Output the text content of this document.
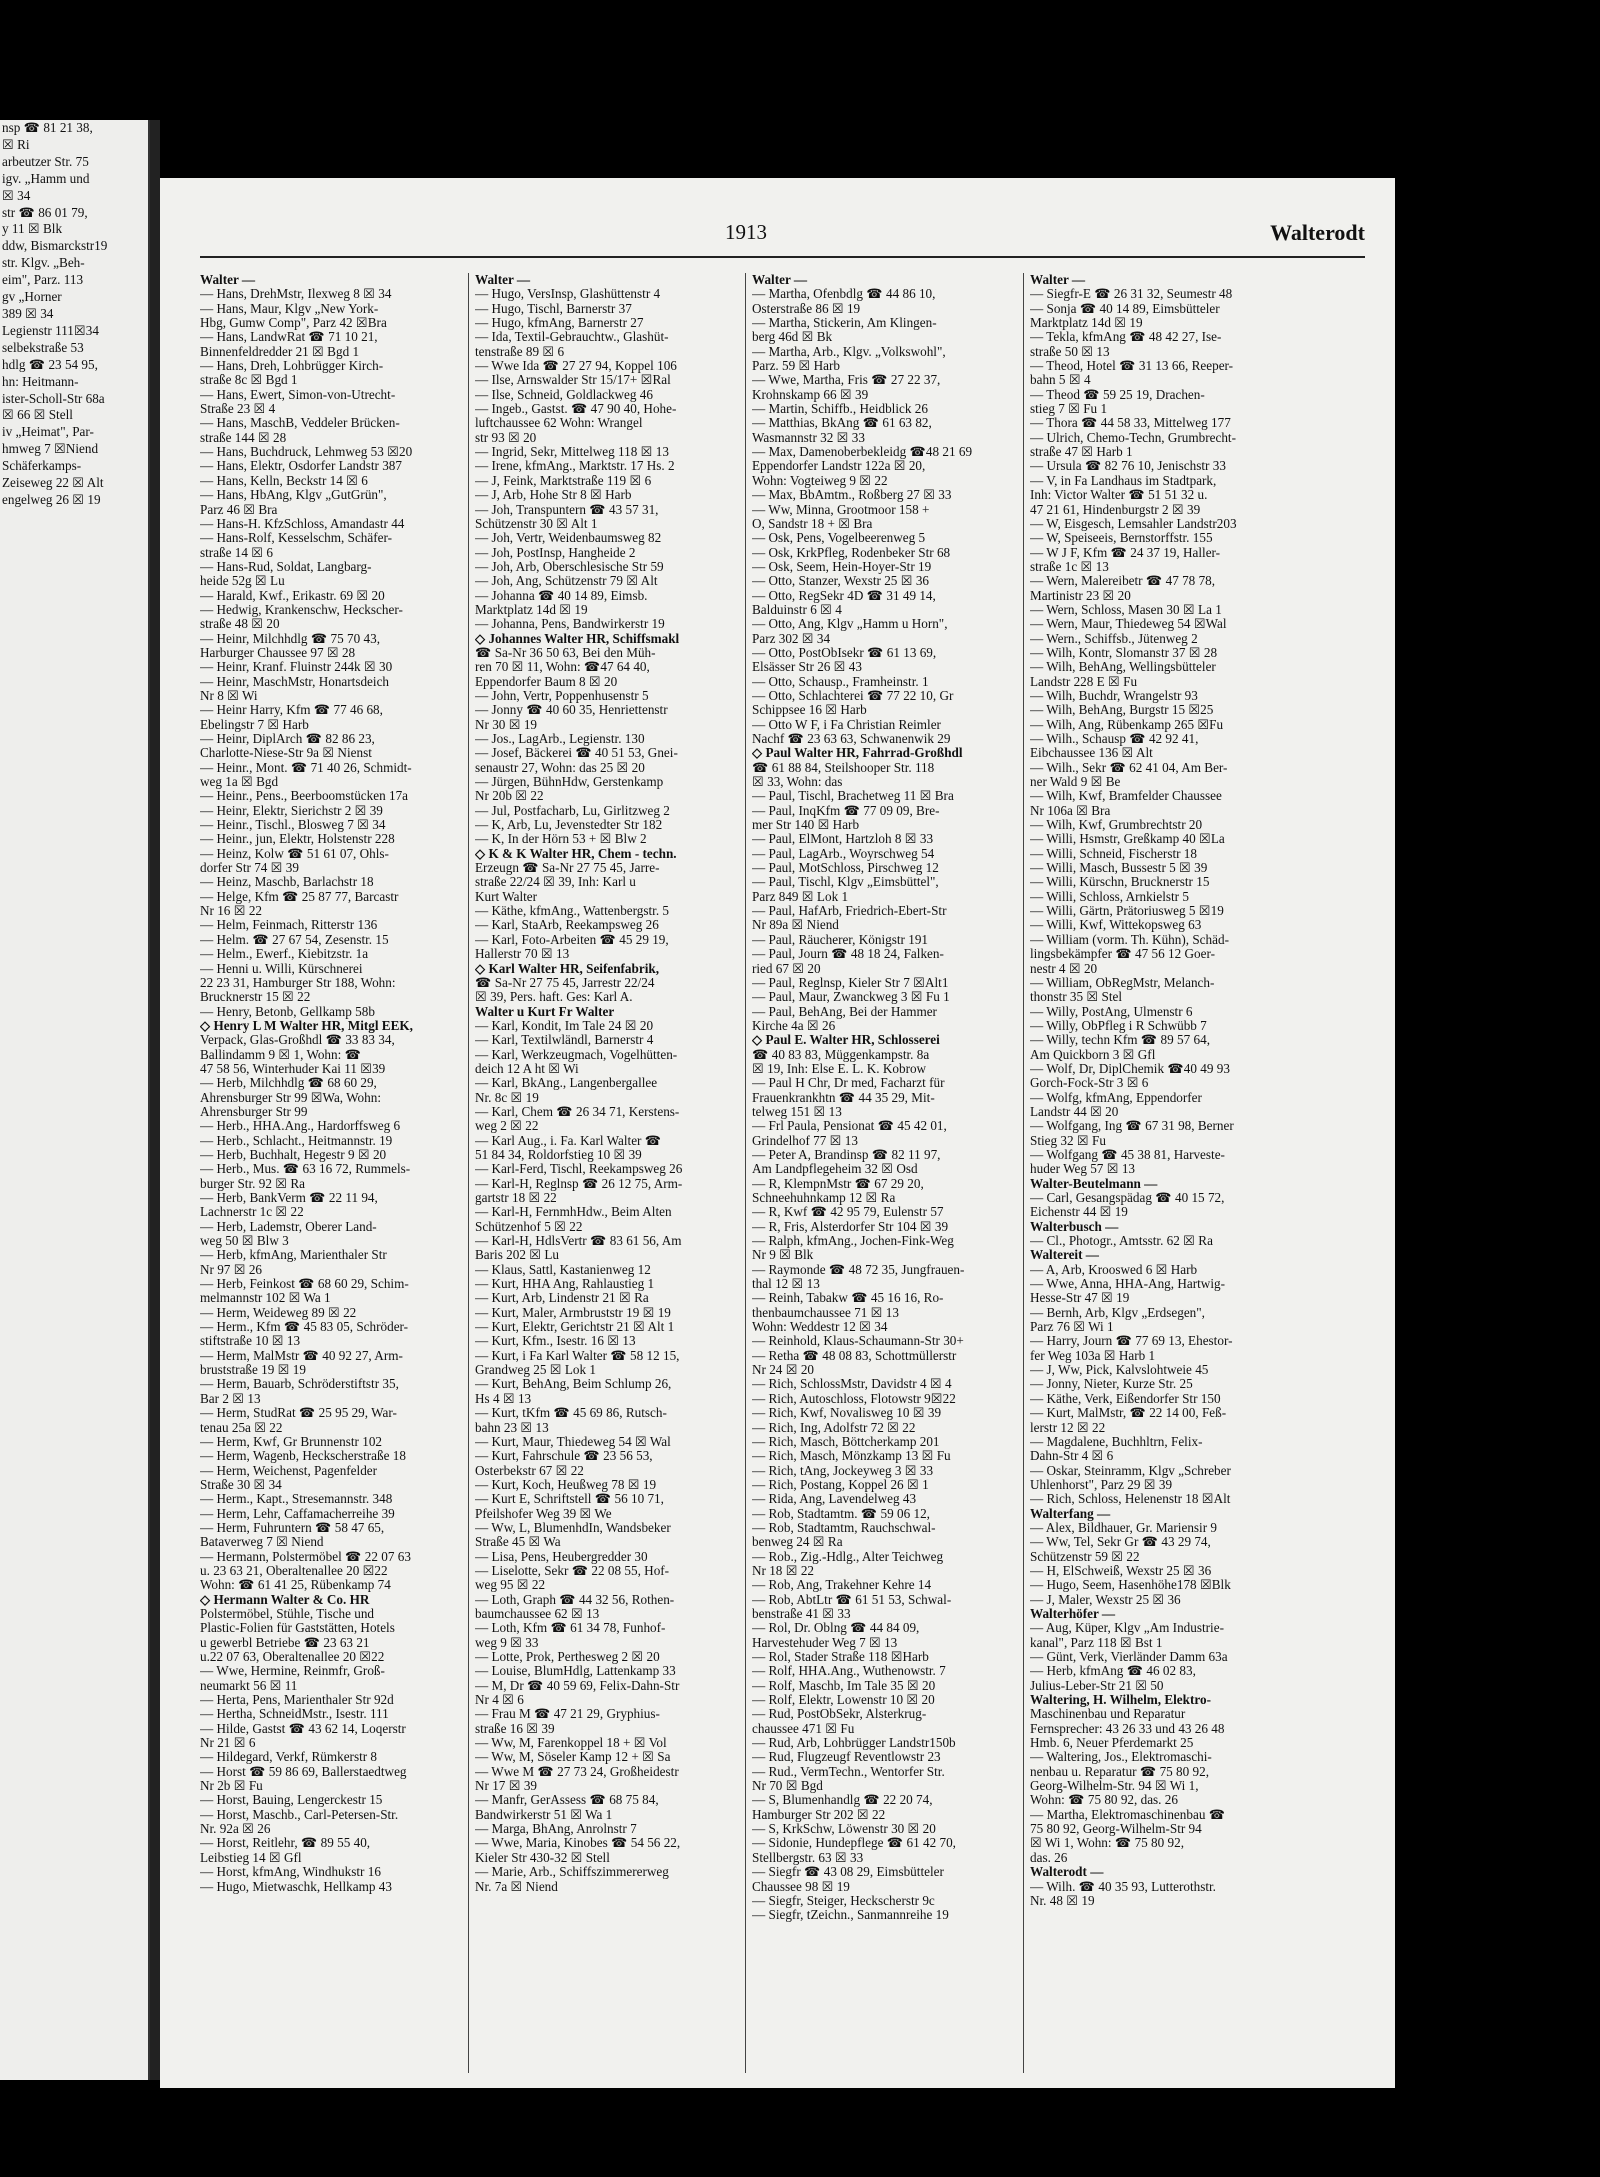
nsp ☎ 81 21 38,
☒ Ri
arbeutzer Str. 75
igv. „Hamm und
☒ 34
str ☎ 86 01 79,
y 11 ☒ Blk
ddw, Bismarckstr19
str. Klgv. „Beh-
eim", Parz. 113
gv „Horner
389 ☒ 34
Legienstr 111☒34
selbekstraße 53
hdlg ☎ 23 54 95,
hn: Heitmann-
ister-Scholl-Str 68a
☒ 66 ☒ Stell
iv „Heimat", Par-
hmweg 7 ☒Niend
Schäferkamps-
Zeiseweg 22 ☒ Alt
engelweg 26 ☒ 19
1913	Walterodt
Walter —
— Hans, DrehMstr, Ilexweg 8 ☒ 34
— Hans, Maur, Klgv „New York-
Hbg, Gumw Comp", Parz 42 ☒Bra
— Hans, LandwRat ☎ 71 10 21,
Binnenfeldredder 21 ☒ Bgd 1
— Hans, Dreh, Lohbrügger Kirch-
straße 8c ☒ Bgd 1
— Hans, Ewert, Simon-von-Utrecht-
Straße 23 ☒ 4
— Hans, MaschB, Veddeler Brücken-
straße 144 ☒ 28
— Hans, Buchdruck, Lehmweg 53 ☒20
— Hans, Elektr, Osdorfer Landstr 387
— Hans, Kelln, Beckstr 14 ☒ 6
— Hans, HbAng, Klgv „GutGrün",
Parz 46 ☒ Bra
— Hans-H. KfzSchloss, Amandastr 44
— Hans-Rolf, Kesselschm, Schäfer-
straße 14 ☒ 6
— Hans-Rud, Soldat, Langbarg-
heide 52g ☒ Lu
— Harald, Kwf., Erikastr. 69 ☒ 20
— Hedwig, Krankenschw, Heckscher-
straße 48 ☒ 20
— Heinr, Milchhdlg ☎ 75 70 43,
Harburger Chaussee 97 ☒ 28
— Heinr, Kranf. Fluinstr 244k ☒ 30
— Heinr, MaschMstr, Honartsdeich
Nr 8 ☒ Wi
— Heinr Harry, Kfm ☎ 77 46 68,
Ebelingstr 7 ☒ Harb
— Heinr, DiplArch ☎ 82 86 23,
Charlotte-Niese-Str 9a ☒ Nienst
— Heinr., Mont. ☎ 71 40 26, Schmidt-
weg 1a ☒ Bgd
— Heinr., Pens., Beerboomstücken 17a
— Heinr, Elektr, Sierichstr 2 ☒ 39
— Heinr., Tischl., Blosweg 7 ☒ 34
— Heinr., jun, Elektr, Holstenstr 228
— Heinz, Kolw ☎ 51 61 07, Ohls-
dorfer Str 74 ☒ 39
— Heinz, Maschb, Barlachstr 18
— Helge, Kfm ☎ 25 87 77, Barcastr
Nr 16 ☒ 22
— Helm, Feinmach, Ritterstr 136
— Helm. ☎ 27 67 54, Zesenstr. 15
— Helm., Ewerf., Kiebitzstr. 1a
— Henni u. Willi, Kürschnerei
22 23 31, Hamburger Str 188, Wohn:
Brucknerstr 15 ☒ 22
— Henry, Betonb, Gellkamp 58b
◇ Henry L M Walter HR, Mitgl EEK,
Verpack, Glas-Großhdl ☎ 33 83 34,
Ballindamm 9 ☒ 1, Wohn: ☎
47 58 56, Winterhuder Kai 11 ☒39
— Herb, Milchhdlg ☎ 68 60 29,
Ahrensburger Str 99 ☒Wa, Wohn:
Ahrensburger Str 99
— Herb., HHA.Ang., Hardorffsweg 6
— Herb., Schlacht., Heitmannstr. 19
— Herb, Buchhalt, Hegestr 9 ☒ 20
— Herb., Mus. ☎ 63 16 72, Rummels-
burger Str. 92 ☒ Ra
— Herb, BankVerm ☎ 22 11 94,
Lachnerstr 1c ☒ 22
— Herb, Lademstr, Oberer Land-
weg 50 ☒ Blw 3
— Herb, kfmAng, Marienthaler Str
Nr 97 ☒ 26
— Herb, Feinkost ☎ 68 60 29, Schim-
melmannstr 102 ☒ Wa 1
— Herm, Weideweg 89 ☒ 22
— Herm., Kfm ☎ 45 83 05, Schröder-
stiftstraße 10 ☒ 13
— Herm, MalMstr ☎ 40 92 27, Arm-
bruststraße 19 ☒ 19
— Herm, Bauarb, Schröderstiftstr 35,
Bar 2 ☒ 13
— Herm, StudRat ☎ 25 95 29, War-
tenau 25a ☒ 22
— Herm, Kwf, Gr Brunnenstr 102
— Herm, Wagenb, Heckscherstraße 18
— Herm, Weichenst, Pagenfelder
Straße 30 ☒ 34
— Herm., Kapt., Stresemannstr. 348
— Herm, Lehr, Caffamacherreihe 39
— Herm, Fuhruntern ☎ 58 47 65,
Bataverweg 7 ☒ Niend
— Hermann, Polstermöbel ☎ 22 07 63
u. 23 63 21, Oberaltenallee 20 ☒22
Wohn: ☎ 61 41 25, Rübenkamp 74
◇ Hermann Walter & Co. HR
Polstermöbel, Stühle, Tische und
Plastic-Folien für Gaststätten, Hotels
u gewerbl Betriebe ☎ 23 63 21
u.22 07 63, Oberaltenallee 20 ☒22
— Wwe, Hermine, Reinmfr, Groß-
neumarkt 56 ☒ 11
— Herta, Pens, Marienthaler Str 92d
— Hertha, SchneidMstr., Isestr. 111
— Hilde, Gastst ☎ 43 62 14, Loqerstr
Nr 21 ☒ 6
— Hildegard, Verkf, Rümkerstr 8
— Horst ☎ 59 86 69, Ballerstaedtweg
Nr 2b ☒ Fu
— Horst, Bauing, Lengerckestr 15
— Horst, Maschb., Carl-Petersen-Str.
Nr. 92a ☒ 26
— Horst, Reitlehr, ☎ 89 55 40,
Leibstieg 14 ☒ Gfl
— Horst, kfmAng, Windhukstr 16
— Hugo, Mietwaschk, Hellkamp 43
Walter —
— Hugo, VersInsp, Glashüttenstr 4
— Hugo, Tischl, Barnerstr 37
— Hugo, kfmAng, Barnerstr 27
— Ida, Textil-Gebrauchtw., Glashüt-
tenstraße 89 ☒ 6
— Wwe Ida ☎ 27 27 94, Koppel 106
— Ilse, Arnswalder Str 15/17+ ☒Ral
— Ilse, Schneid, Goldlackweg 46
— Ingeb., Gastst. ☎ 47 90 40, Hohe-
luftchaussee 62 Wohn: Wrangel
str 93 ☒ 20
— Ingrid, Sekr, Mittelweg 118 ☒ 13
— Irene, kfmAng., Marktstr. 17 Hs. 2
— J, Feink, Marktstraße 119 ☒ 6
— J, Arb, Hohe Str 8 ☒ Harb
— Joh, Transpuntern ☎ 43 57 31,
Schützenstr 30 ☒ Alt 1
— Joh, Vertr, Weidenbaumsweg 82
— Joh, PostInsp, Hangheide 2
— Joh, Arb, Oberschlesische Str 59
— Joh, Ang, Schützenstr 79 ☒ Alt
— Johanna ☎ 40 14 89, Eimsb.
Marktplatz 14d ☒ 19
— Johanna, Pens, Bandwirkerstr 19
◇ Johannes Walter HR, Schiffsmakl
☎ Sa-Nr 36 50 63, Bei den Müh-
ren 70 ☒ 11, Wohn: ☎47 64 40,
Eppendorfer Baum 8 ☒ 20
— John, Vertr, Poppenhusenstr 5
— Jonny ☎ 40 60 35, Henriettenstr
Nr 30 ☒ 19
— Jos., LagArb., Legienstr. 130
— Josef, Bäckerei ☎ 40 51 53, Gnei-
senaustr 27, Wohn: das 25 ☒ 20
— Jürgen, BühnHdw, Gerstenkamp
Nr 20b ☒ 22
— Jul, Postfacharb, Lu, Girlitzweg 2
— K, Arb, Lu, Jevenstedter Str 182
— K, In der Hörn 53 + ☒ Blw 2
◇ K & K Walter HR, Chem - techn.
Erzeugn ☎ Sa-Nr 27 75 45, Jarre-
straße 22/24 ☒ 39, Inh: Karl u
Kurt Walter
— Käthe, kfmAng., Wattenbergstr. 5
— Karl, StaArb, Reekampsweg 26
— Karl, Foto-Arbeiten ☎ 45 29 19,
Hallerstr 70 ☒ 13
◇ Karl Walter HR, Seifenfabrik,
☎ Sa-Nr 27 75 45, Jarrestr 22/24
☒ 39, Pers. haft. Ges: Karl A.
Walter u Kurt Fr Walter
— Karl, Kondit, Im Tale 24 ☒ 20
— Karl, Textilwländl, Barnerstr 4
— Karl, Werkzeugmach, Vogelhütten-
deich 12 A ht ☒ Wi
— Karl, BkAng., Langenbergallee
Nr. 8c ☒ 19
— Karl, Chem ☎ 26 34 71, Kerstens-
weg 2 ☒ 22
— Karl Aug., i. Fa. Karl Walter ☎
51 84 34, Roldorfstieg 10 ☒ 39
— Karl-Ferd, Tischl, Reekampsweg 26
— Karl-H, Reglnsp ☎ 26 12 75, Arm-
gartstr 18 ☒ 22
— Karl-H, FernmhHdw., Beim Alten
Schützenhof 5 ☒ 22
— Karl-H, HdlsVertr ☎ 83 61 56, Am
Baris 202 ☒ Lu
— Klaus, Sattl, Kastanienweg 12
— Kurt, HHA Ang, Rahlaustieg 1
— Kurt, Arb, Lindenstr 21 ☒ Ra
— Kurt, Maler, Armbruststr 19 ☒ 19
— Kurt, Elektr, Gerichtstr 21 ☒ Alt 1
— Kurt, Kfm., Isestr. 16 ☒ 13
— Kurt, i Fa Karl Walter ☎ 58 12 15,
Grandweg 25 ☒ Lok 1
— Kurt, BehAng, Beim Schlump 26,
Hs 4 ☒ 13
— Kurt, tKfm ☎ 45 69 86, Rutsch-
bahn 23 ☒ 13
— Kurt, Maur, Thiedeweg 54 ☒ Wal
— Kurt, Fahrschule ☎ 23 56 53,
Osterbekstr 67 ☒ 22
— Kurt, Koch, Heußweg 78 ☒ 19
— Kurt E, Schriftstell ☎ 56 10 71,
Pfeilshofer Weg 39 ☒ We
— Ww, L, BlumenhdIn, Wandsbeker
Straße 45 ☒ Wa
— Lisa, Pens, Heubergredder 30
— Liselotte, Sekr ☎ 22 08 55, Hof-
weg 95 ☒ 22
— Loth, Graph ☎ 44 32 56, Rothen-
baumchaussee 62 ☒ 13
— Loth, Kfm ☎ 61 34 78, Funhof-
weg 9 ☒ 33
— Lotte, Prok, Perthesweg 2 ☒ 20
— Louise, BlumHdlg, Lattenkamp 33
— M, Dr ☎ 40 59 69, Felix-Dahn-Str
Nr 4 ☒ 6
— Frau M ☎ 47 21 29, Gryphius-
straße 16 ☒ 39
— Ww, M, Farenkoppel 18 + ☒ Vol
— Ww, M, Söseler Kamp 12 + ☒ Sa
— Wwe M ☎ 27 73 24, Großheidestr
Nr 17 ☒ 39
— Manfr, GerAssess ☎ 68 75 84,
Bandwirkerstr 51 ☒ Wa 1
— Marga, BhAng, Anrolnstr 7
— Wwe, Maria, Kinobes ☎ 54 56 22,
Kieler Str 430-32 ☒ Stell
— Marie, Arb., Schiffszimmererweg
Nr. 7a ☒ Niend
Walter —
— Martha, Ofenbdlg ☎ 44 86 10,
Osterstraße 86 ☒ 19
— Martha, Stickerin, Am Klingen-
berg 46d ☒ Bk
— Martha, Arb., Klgv. „Volkswohl",
Parz. 59 ☒ Harb
— Wwe, Martha, Fris ☎ 27 22 37,
Krohnskamp 66 ☒ 39
— Martin, Schiffb., Heidblick 26
— Matthias, BkAng ☎ 61 63 82,
Wasmannstr 32 ☒ 33
— Max, Damenoberbekleidg ☎48 21 69
Eppendorfer Landstr 122a ☒ 20,
Wohn: Vogteiweg 9 ☒ 22
— Max, BbAmtm., Roßberg 27 ☒ 33
— Ww, Minna, Grootmoor 158 +
O, Sandstr 18 + ☒ Bra
— Osk, Pens, Vogelbeerenweg 5
— Osk, KrkPfleg, Rodenbeker Str 68
— Osk, Seem, Hein-Hoyer-Str 19
— Otto, Stanzer, Wexstr 25 ☒ 36
— Otto, RegSekr 4D ☎ 31 49 14,
Balduinstr 6 ☒ 4
— Otto, Ang, Klgv „Hamm u Horn",
Parz 302 ☒ 34
— Otto, PostObIsekr ☎ 61 13 69,
Elsässer Str 26 ☒ 43
— Otto, Schausp., Framheinstr. 1
— Otto, Schlachterei ☎ 77 22 10, Gr
Schippsee 16 ☒ Harb
— Otto W F, i Fa Christian Reimler
Nachf ☎ 23 63 63, Schwanenwik 29
◇ Paul Walter HR, Fahrrad-Großhdl
☎ 61 88 84, Steilshooper Str. 118
☒ 33, Wohn: das
— Paul, Tischl, Brachetweg 11 ☒ Bra
— Paul, InqKfm ☎ 77 09 09, Bre-
mer Str 140 ☒ Harb
— Paul, ElMont, Hartzloh 8 ☒ 33
— Paul, LagArb., Woyrschweg 54
— Paul, MotSchloss, Pirschweg 12
— Paul, Tischl, Klgv „Eimsbüttel",
Parz 849 ☒ Lok 1
— Paul, HafArb, Friedrich-Ebert-Str
Nr 89a ☒ Niend
— Paul, Räucherer, Königstr 191
— Paul, Journ ☎ 48 18 24, Falken-
ried 67 ☒ 20
— Paul, Reglnsp, Kieler Str 7 ☒Alt1
— Paul, Maur, Zwanckweg 3 ☒ Fu 1
— Paul, BehAng, Bei der Hammer
Kirche 4a ☒ 26
◇ Paul E. Walter HR, Schlosserei
☎ 40 83 83, Müggenkampstr. 8a
☒ 19, Inh: Else E. L. K. Kobrow
— Paul H Chr, Dr med, Facharzt für
Frauenkrankhtn ☎ 44 35 29, Mit-
telweg 151 ☒ 13
— Frl Paula, Pensionat ☎ 45 42 01,
Grindelhof 77 ☒ 13
— Peter A, Brandinsp ☎ 82 11 97,
Am Landpflegeheim 32 ☒ Osd
— R, KlempnMstr ☎ 67 29 20,
Schneehuhnkamp 12 ☒ Ra
— R, Kwf ☎ 42 95 79, Eulenstr 57
— R, Fris, Alsterdorfer Str 104 ☒ 39
— Ralph, kfmAng., Jochen-Fink-Weg
Nr 9 ☒ Blk
— Raymonde ☎ 48 72 35, Jungfrauen-
thal 12 ☒ 13
— Reinh, Tabakw ☎ 45 16 16, Ro-
thenbaumchaussee 71 ☒ 13
Wohn: Weddestr 12 ☒ 34
— Reinhold, Klaus-Schaumann-Str 30+
— Retha ☎ 48 08 83, Schottmüllerstr
Nr 24 ☒ 20
— Rich, SchlossMstr, Davidstr 4 ☒ 4
— Rich, Autoschloss, Flotowstr 9☒22
— Rich, Kwf, Novalisweg 10 ☒ 39
— Rich, Ing, Adolfstr 72 ☒ 22
— Rich, Masch, Böttcherkamp 201
— Rich, Masch, Mönzkamp 13 ☒ Fu
— Rich, tAng, Jockeyweg 3 ☒ 33
— Rich, Postang, Koppel 26 ☒ 1
— Rida, Ang, Lavendelweg 43
— Rob, Stadtamtm. ☎ 59 06 12,
— Rob, Stadtamtm, Rauchschwal-
benweg 24 ☒ Ra
— Rob., Zig.-Hdlg., Alter Teichweg
Nr 18 ☒ 22
— Rob, Ang, Trakehner Kehre 14
— Rob, AbtLtr ☎ 61 51 53, Schwal-
benstraße 41 ☒ 33
— Rol, Dr. Oblng ☎ 44 84 09,
Harvestehuder Weg 7 ☒ 13
— Rol, Stader Straße 118 ☒Harb
— Rolf, HHA.Ang., Wuthenowstr. 7
— Rolf, Maschb, Im Tale 35 ☒ 20
— Rolf, Elektr, Lowenstr 10 ☒ 20
— Rud, PostObSekr, Alsterkrug-
chaussee 471 ☒ Fu
— Rud, Arb, Lohbrügger Landstr150b
— Rud, Flugzeugf Reventlowstr 23
— Rud., VermTechn., Wentorfer Str.
Nr 70 ☒ Bgd
— S, Blumenhandlg ☎ 22 20 74,
Hamburger Str 202 ☒ 22
— S, KrkSchw, Löwenstr 30 ☒ 20
— Sidonie, Hundepflege ☎ 61 42 70,
Stellbergstr. 63 ☒ 33
— Siegfr ☎ 43 08 29, Eimsbütteler
Chaussee 98 ☒ 19
— Siegfr, Steiger, Heckscherstr 9c
— Siegfr, tZeichn., Sanmannreihe 19
Walter —
— Siegfr-E ☎ 26 31 32, Seumestr 48
— Sonja ☎ 40 14 89, Eimsbütteler
Marktplatz 14d ☒ 19
— Tekla, kfmAng ☎ 48 42 27, Ise-
straße 50 ☒ 13
— Theod, Hotel ☎ 31 13 66, Reeper-
bahn 5 ☒ 4
— Theod ☎ 59 25 19, Drachen-
stieg 7 ☒ Fu 1
— Thora ☎ 44 58 33, Mittelweg 177
— Ulrich, Chemo-Techn, Grumbrecht-
straße 47 ☒ Harb 1
— Ursula ☎ 82 76 10, Jenischstr 33
— V, in Fa Landhaus im Stadtpark,
Inh: Victor Walter ☎ 51 51 32 u.
47 21 61, Hindenburgstr 2 ☒ 39
— W, Eisgesch, Lemsahler Landstr203
— W, Speiseeis, Bernstorffstr. 155
— W J F, Kfm ☎ 24 37 19, Haller-
straße 1c ☒ 13
— Wern, Malereibetr ☎ 47 78 78,
Martinistr 23 ☒ 20
— Wern, Schloss, Masen 30 ☒ La 1
— Wern, Maur, Thiedeweg 54 ☒Wal
— Wern., Schiffsb., Jütenweg 2
— Wilh, Kontr, Slomanstr 37 ☒ 28
— Wilh, BehAng, Wellingsbütteler
Landstr 228 E ☒ Fu
— Wilh, Buchdr, Wrangelstr 93
— Wilh, BehAng, Burgstr 15 ☒25
— Wilh, Ang, Rübenkamp 265 ☒Fu
— Wilh., Schausp ☎ 42 92 41,
Eibchaussee 136 ☒ Alt
— Wilh., Sekr ☎ 62 41 04, Am Ber-
ner Wald 9 ☒ Be
— Wilh, Kwf, Bramfelder Chaussee
Nr 106a ☒ Bra
— Wilh, Kwf, Grumbrechtstr 20
— Willi, Hsmstr, Greßkamp 40 ☒La
— Willi, Schneid, Fischerstr 18
— Willi, Masch, Bussestr 5 ☒ 39
— Willi, Kürschn, Brucknerstr 15
— Willi, Schloss, Arnkielstr 5
— Willi, Gärtn, Prätoriusweg 5 ☒19
— Willi, Kwf, Wittekopsweg 63
— William (vorm. Th. Kühn), Schäd-
lingsbekämpfer ☎ 47 56 12 Goer-
nestr 4 ☒ 20
— William, ObRegMstr, Melanch-
thonstr 35 ☒ Stel
— Willy, PostAng, Ulmenstr 6
— Willy, ObPfleg i R Schwübb 7
— Willy, techn Kfm ☎ 89 57 64,
Am Quickborn 3 ☒ Gfl
— Wolf, Dr, DiplChemik ☎40 49 93
Gorch-Fock-Str 3 ☒ 6
— Wolfg, kfmAng, Eppendorfer
Landstr 44 ☒ 20
— Wolfgang, Ing ☎ 67 31 98, Berner
Stieg 32 ☒ Fu
— Wolfgang ☎ 45 38 81, Harveste-
huder Weg 57 ☒ 13
Walter-Beutelmann —
— Carl, Gesangspädag ☎ 40 15 72,
Eichenstr 44 ☒ 19
Walterbusch —
— Cl., Photogr., Amtsstr. 62 ☒ Ra
Waltereit —
— A, Arb, Krooswed 6 ☒ Harb
— Wwe, Anna, HHA-Ang, Hartwig-
Hesse-Str 47 ☒ 19
— Bernh, Arb, Klgv „Erdsegen",
Parz 76 ☒ Wi 1
— Harry, Journ ☎ 77 69 13, Ehestor-
fer Weg 103a ☒ Harb 1
— J, Ww, Pick, Kalvslohtweie 45
— Jonny, Nieter, Kurze Str. 25
— Käthe, Verk, Eißendorfer Str 150
— Kurt, MalMstr, ☎ 22 14 00, Feß-
lerstr 12 ☒ 22
— Magdalene, Buchhltrn, Felix-
Dahn-Str 4 ☒ 6
— Oskar, Steinramm, Klgv „Schreber
Uhlenhorst", Parz 29 ☒ 39
— Rich, Schloss, Helenenstr 18 ☒Alt
Walterfang —
— Alex, Bildhauer, Gr. Mariensir 9
— Ww, Tel, Sekr Gr ☎ 43 29 74,
Schützenstr 59 ☒ 22
— H, ElSchweiß, Wexstr 25 ☒ 36
— Hugo, Seem, Hasenhöhe178 ☒Blk
— J, Maler, Wexstr 25 ☒ 36
Walterhöfer —
— Aug, Küper, Klgv „Am Industrie-
kanal", Parz 118 ☒ Bst 1
— Günt, Verk, Vierländer Damm 63a
— Herb, kfmAng ☎ 46 02 83,
Julius-Leber-Str 21 ☒ 50
Waltering, H. Wilhelm, Elektro-
Maschinenbau und Reparatur
Fernsprecher: 43 26 33 und 43 26 48
Hmb. 6, Neuer Pferdemarkt 25
— Waltering, Jos., Elektromaschi-
nenbau u. Reparatur ☎ 75 80 92,
Georg-Wilhelm-Str. 94 ☒ Wi 1,
Wohn: ☎ 75 80 92, das. 26
— Martha, Elektromaschinenbau ☎
75 80 92, Georg-Wilhelm-Str 94
☒ Wi 1, Wohn: ☎ 75 80 92,
das. 26
Walterodt —
— Wilh. ☎ 40 35 93, Lutterothstr.
Nr. 48 ☒ 19
